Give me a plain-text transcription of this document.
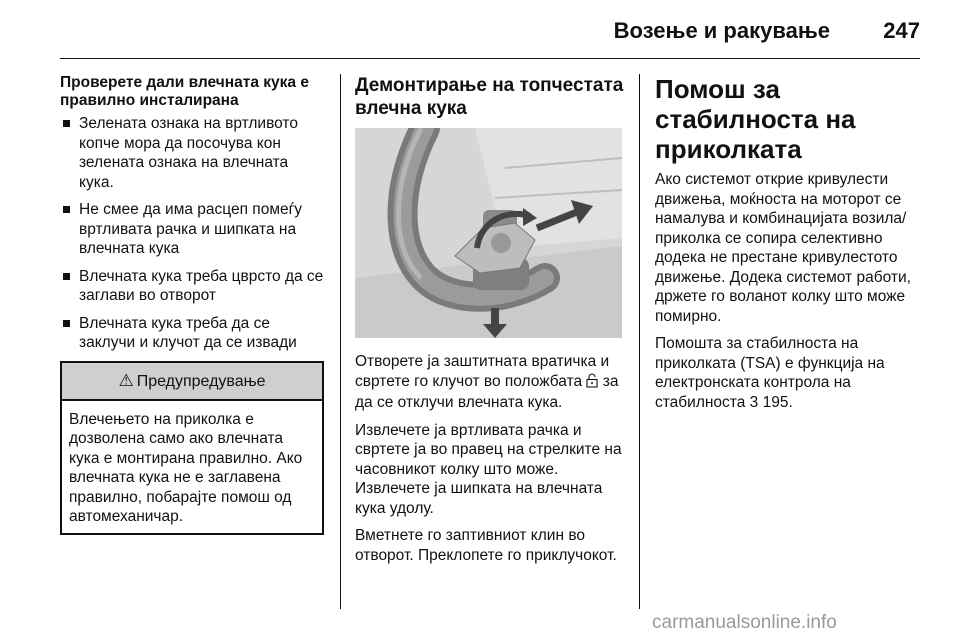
Возење и ракување 247
Проверете дали влечната кука е правилно инсталирана
Зелената ознака на вртливото копче мора да посочува кон зелената ознака на влечната кука.
Не смее да има расцеп помеѓу вртливата рачка и шипката на влечната кука
Влечната кука треба цврсто да се заглави во отворот
Влечната кука треба да се заклучи и клучот да се извади
⚠ Предупредување
Влечењето на приколка е дозволена само ако влечната кука е монтирана правилно. Ако влечната кука не е заглавена правилно, побарајте помош од автомеханичар.
Демонтирање на топчестата влечна кука
Отворете ја заштитната вратичка и свртете го клучот во положбата за да се отклучи влечната кука.
Извлечете ја вртливата рачка и свртете ја во правец на стрелките на часовникот колку што може. Извлечете ја шипката на влечната кука удолу.
Вметнете го заптивниот клин во отворот. Преклопете го приклучокот.
Помош за стабилноста на приколката
Ако системот открие кривулести движења, моќноста на моторот се намалува и комбинацијата возила/приколка се сопира селективно додека не престане кривулестото движење. Додека системот работи, држете го воланот колку што може помирно.
Помошта за стабилноста на приколката (TSA) е функција на електронската контрола на стабилноста 3 195.
carmanualsonline.info
